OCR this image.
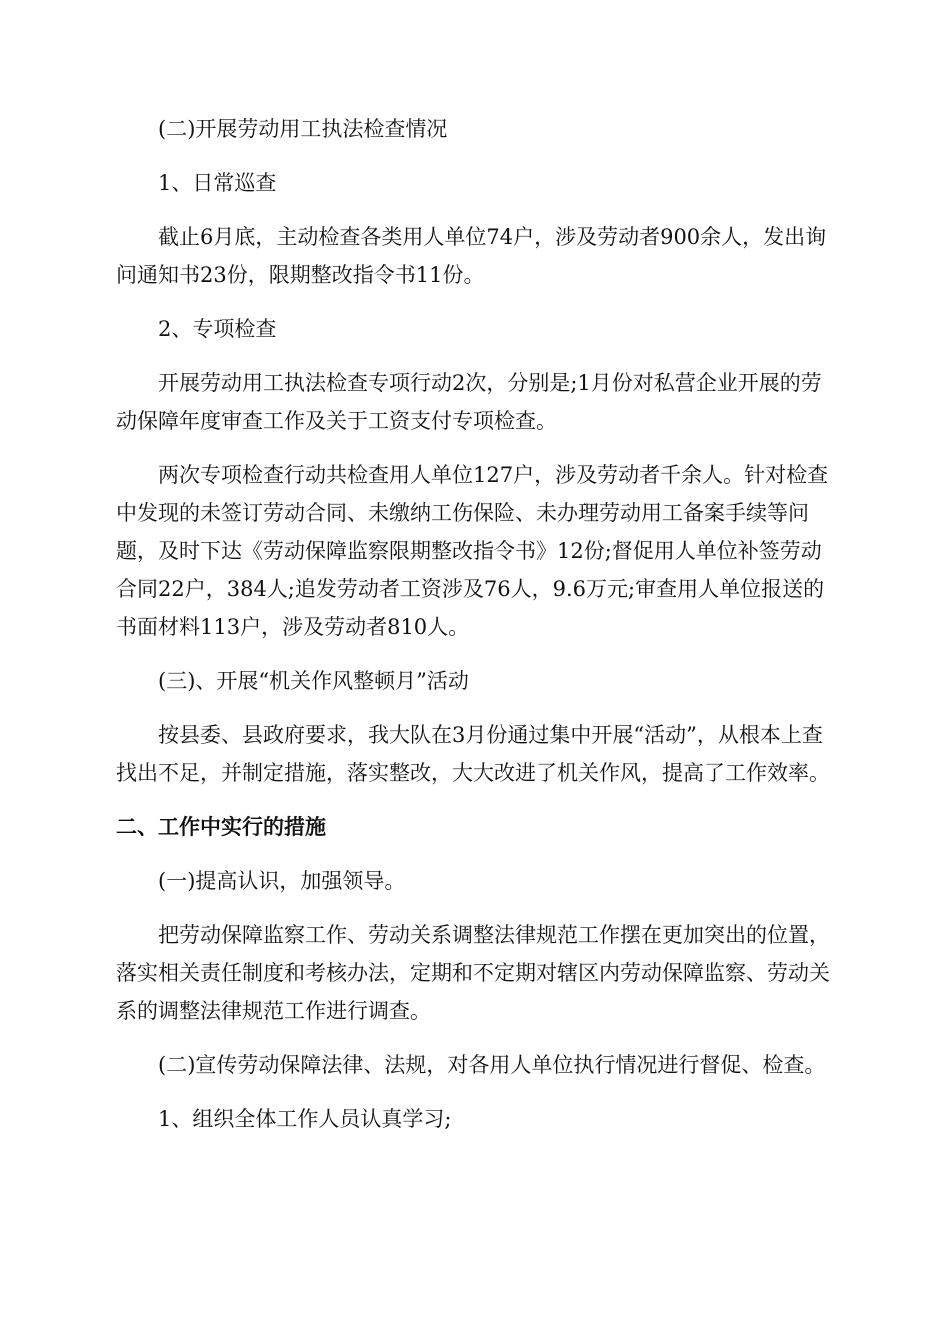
(二)开展劳动用工执法检查情况

1、日常巡查

截止6月底，主动检查各类用人单位74户，涉及劳动者900余人，发出询问通知书23份，限期整改指令书11份。

2、专项检查

开展劳动用工执法检查专项行动2次，分别是;1月份对私营企业开展的劳动保障年度审查工作及关于工资支付专项检查。

两次专项检查行动共检查用人单位127户，涉及劳动者千余人。针对检查中发现的未签订劳动合同、未缴纳工伤保险、未办理劳动用工备案手续等问题，及时下达《劳动保障监察限期整改指令书》12份;督促用人单位补签劳动合同22户，384人;追发劳动者工资涉及76人，9.6万元;审查用人单位报送的书面材料113户，涉及劳动者810人。

(三)、开展“机关作风整顿月”活动

按县委、县政府要求，我大队在3月份通过集中开展“活动”，从根本上查找出不足，并制定措施，落实整改，大大改进了机关作风，提高了工作效率。

二、工作中实行的措施

(一)提高认识，加强领导。

把劳动保障监察工作、劳动关系调整法律规范工作摆在更加突出的位置，落实相关责任制度和考核办法，定期和不定期对辖区内劳动保障监察、劳动关系的调整法律规范工作进行调查。

(二)宣传劳动保障法律、法规，对各用人单位执行情况进行督促、检查。

1、组织全体工作人员认真学习;
